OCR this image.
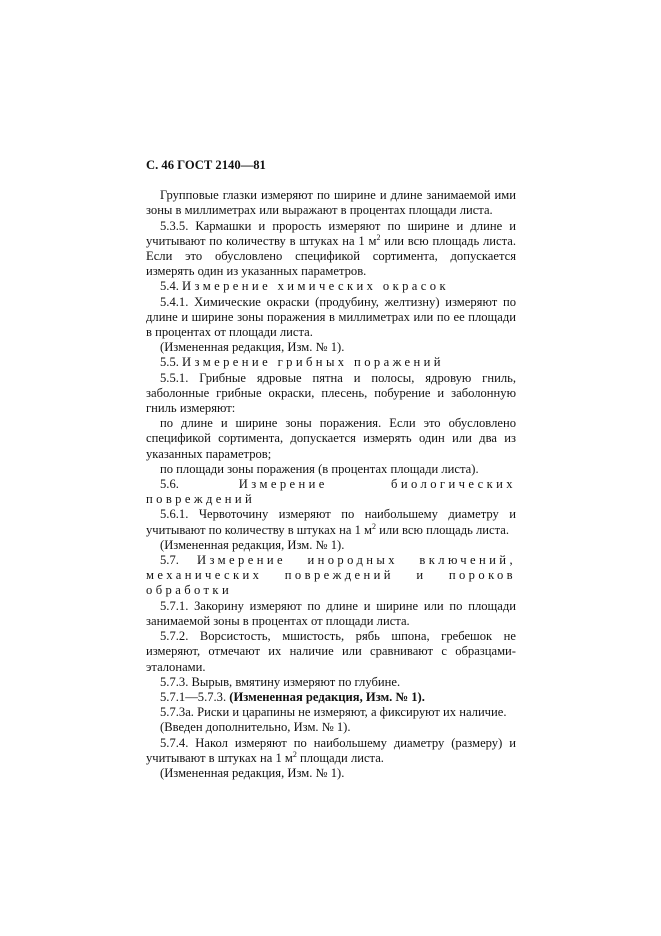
С. 46 ГОСТ 2140—81

Групповые глазки измеряют по ширине и длине занимаемой ими зоны в миллиметрах или выражают в процентах площади листа.

5.3.5. Кармашки и прорость измеряют по ширине и длине и учитывают по количеству в штуках на 1 $м^2$ или всю площадь листа. Если это обусловлено спецификой сортимента, допускается измерять один из указанных параметров.

5.4. Измерение химических окрасок

5.4.1. Химические окраски (продубину, желтизну) измеряют по длине и ширине зоны поражения в миллиметрах или по ее площади в процентах от площади листа.

(Измененная редакция, Изм. № 1).

5.5. Измерение грибных поражений

5.5.1. Грибные ядровые пятна и полосы, ядровую гниль, заболонные грибные окраски, плесень, побурение и заболонную гниль измеряют:

по длине и ширине зоны поражения. Если это обусловлено спецификой сортимента, допускается измерять один или два из указанных параметров;

по площади зоны поражения (в процентах площади листа).

5.6. Измерение биологических повреждений

5.6.1. Червоточину измеряют по наибольшему диаметру и учитывают по количеству в штуках на 1 $м^2$ или всю площадь листа.

(Измененная редакция, Изм. № 1).

5.7. Измерение инородных включений, механических повреждений и пороков обработки

5.7.1. Закорину измеряют по длине и ширине или по площади занимаемой зоны в процентах от площади листа.

5.7.2. Ворсистость, мшистость, рябь шпона, гребешок не измеряют, отмечают их наличие или сравнивают с образцами-эталонами.

5.7.3. Вырыв, вмятину измеряют по глубине.

5.7.1—5.7.3. (Измененная редакция, Изм. № 1).

5.7.3а. Риски и царапины не измеряют, а фиксируют их наличие.

(Введен дополнительно, Изм. № 1).

5.7.4. Накол измеряют по наибольшему диаметру (размеру) и учитывают в штуках на 1 $м^2$ площади листа.

(Измененная редакция, Изм. № 1).
